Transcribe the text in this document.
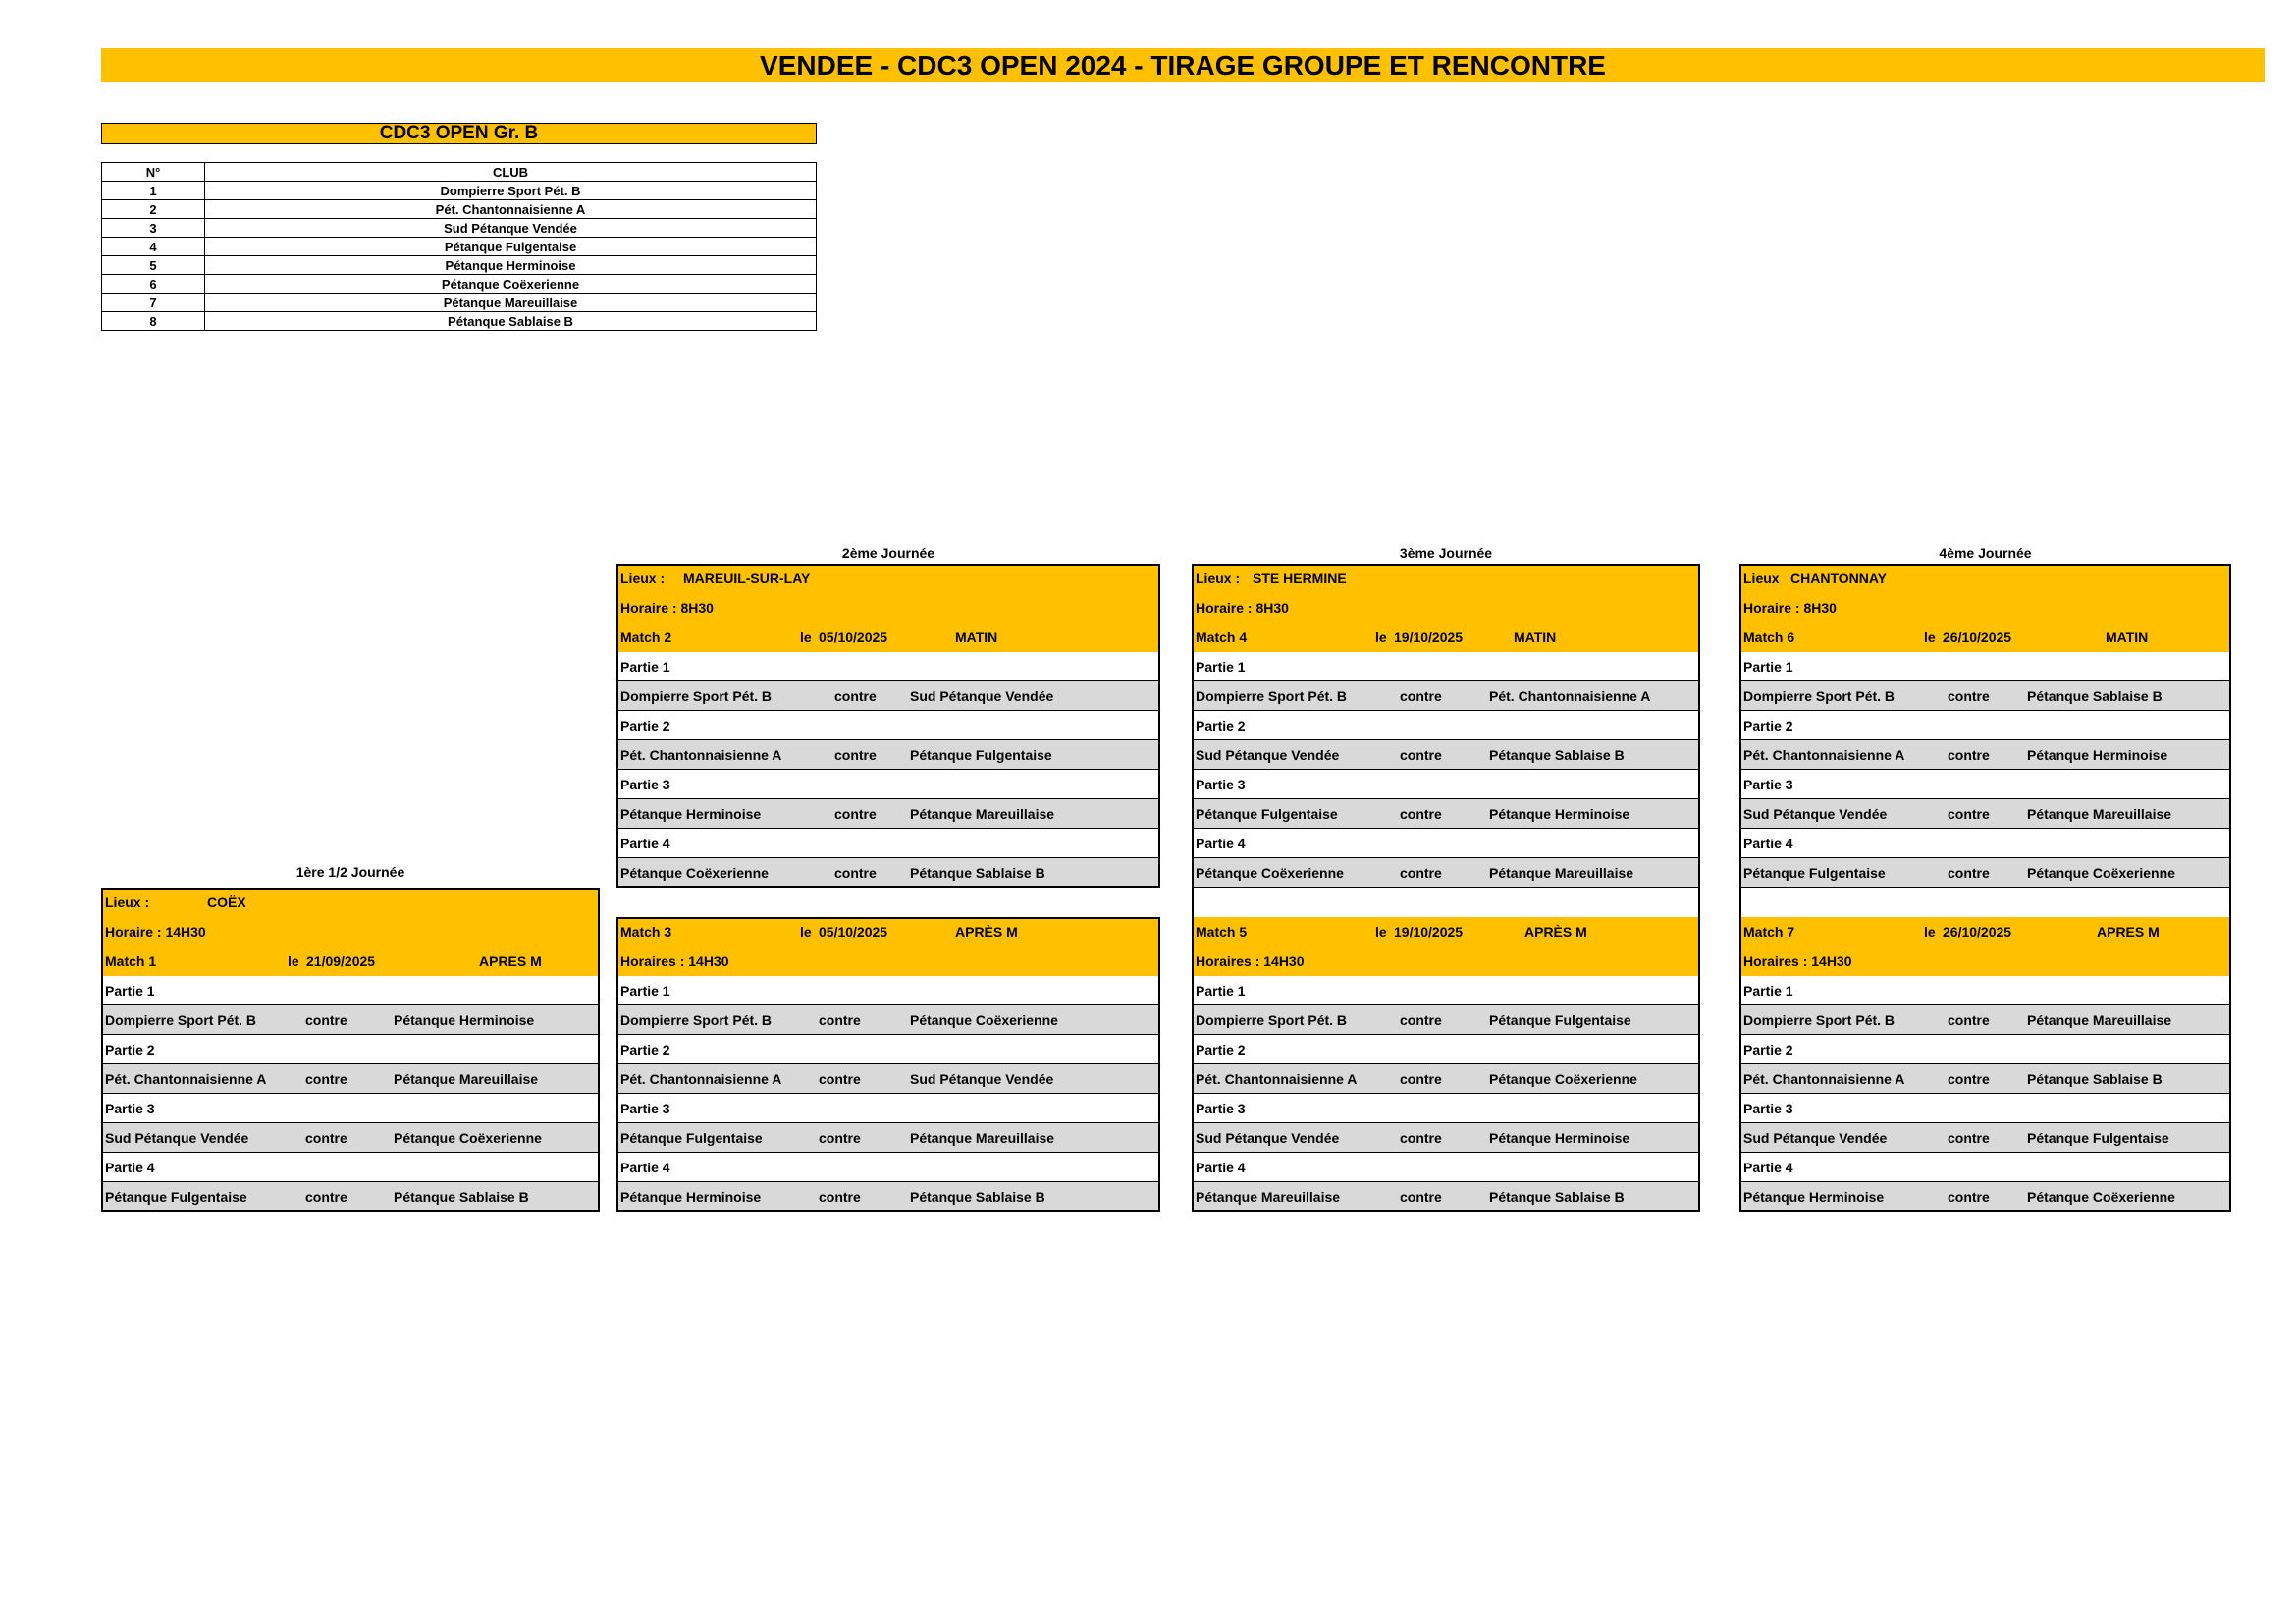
VENDEE - CDC3 OPEN 2024 - TIRAGE GROUPE ET RENCONTRE
CDC3 OPEN Gr. B
N°	CLUB
1	Dompierre Sport Pét. B
2	Pét. Chantonnaisienne A
3	Sud Pétanque Vendée
4	Pétanque Fulgentaise
5	Pétanque Herminoise
6	Pétanque Coëxerienne
7	Pétanque Mareuillaise
8	Pétanque Sablaise B
1ère 1/2 Journée
Lieux :	COËX
Horaire : 14H30
Match 1	le 21/09/2025	APRES M
Partie 1
Dompierre Sport Pét. B	contre	Pétanque Herminoise
Partie 2
Pét. Chantonnaisienne A	contre	Pétanque Mareuillaise
Partie 3
Sud Pétanque Vendée	contre	Pétanque Coëxerienne
Partie 4
Pétanque Fulgentaise	contre	Pétanque Sablaise B
2ème Journée
Lieux : MAREUIL-SUR-LAY
Horaire : 8H30
Match 2	le 05/10/2025	MATIN
Partie 1
Dompierre Sport Pét. B	contre Sud Pétanque Vendée
Partie 2
Pét. Chantonnaisienne A	contre Pétanque Fulgentaise
Partie 3
Pétanque Herminoise	contre Pétanque Mareuillaise
Partie 4
Pétanque Coëxerienne	contre Pétanque Sablaise B
Match 3	le 05/10/2025	APRÈS M
Horaires : 14H30
Partie 1
Dompierre Sport Pét. B	contre	Pétanque Coëxerienne
Partie 2
Pét. Chantonnaisienne A	contre	Sud Pétanque Vendée
Partie 3
Pétanque Fulgentaise	contre	Pétanque Mareuillaise
Partie 4
Pétanque Herminoise	contre	Pétanque Sablaise B
3ème Journée
Lieux : STE HERMINE
Horaire : 8H30
Match 4	le 19/10/2025	MATIN
Partie 1
Dompierre Sport Pét. B	contre	Pét. Chantonnaisienne A
Partie 2
Sud Pétanque Vendée	contre	Pétanque Sablaise B
Partie 3
Pétanque Fulgentaise	contre	Pétanque Herminoise
Partie 4
Pétanque Coëxerienne	contre	Pétanque Mareuillaise
Match 5	le 19/10/2025	APRÈS M
Horaires : 14H30
Partie 1
Dompierre Sport Pét. B	contre	Pétanque Fulgentaise
Partie 2
Pét. Chantonnaisienne A	contre	Pétanque Coëxerienne
Partie 3
Sud Pétanque Vendée	contre	Pétanque Herminoise
Partie 4
Pétanque Mareuillaise	contre	Pétanque Sablaise B
4ème Journée
Lieux CHANTONNAY
Horaire : 8H30
Match 6	le 26/10/2025	MATIN
Partie 1
Dompierre Sport Pét. B	contre	Pétanque Sablaise B
Partie 2
Pét. Chantonnaisienne A	contre	Pétanque Herminoise
Partie 3
Sud Pétanque Vendée	contre	Pétanque Mareuillaise
Partie 4
Pétanque Fulgentaise	contre	Pétanque Coëxerienne
Match 7	le 26/10/2025	APRES M
Horaires : 14H30
Partie 1
Dompierre Sport Pét. B	contre	Pétanque Mareuillaise
Partie 2
Pét. Chantonnaisienne A	contre	Pétanque Sablaise B
Partie 3
Sud Pétanque Vendée	contre	Pétanque Fulgentaise
Partie 4
Pétanque Herminoise	contre	Pétanque Coëxerienne
